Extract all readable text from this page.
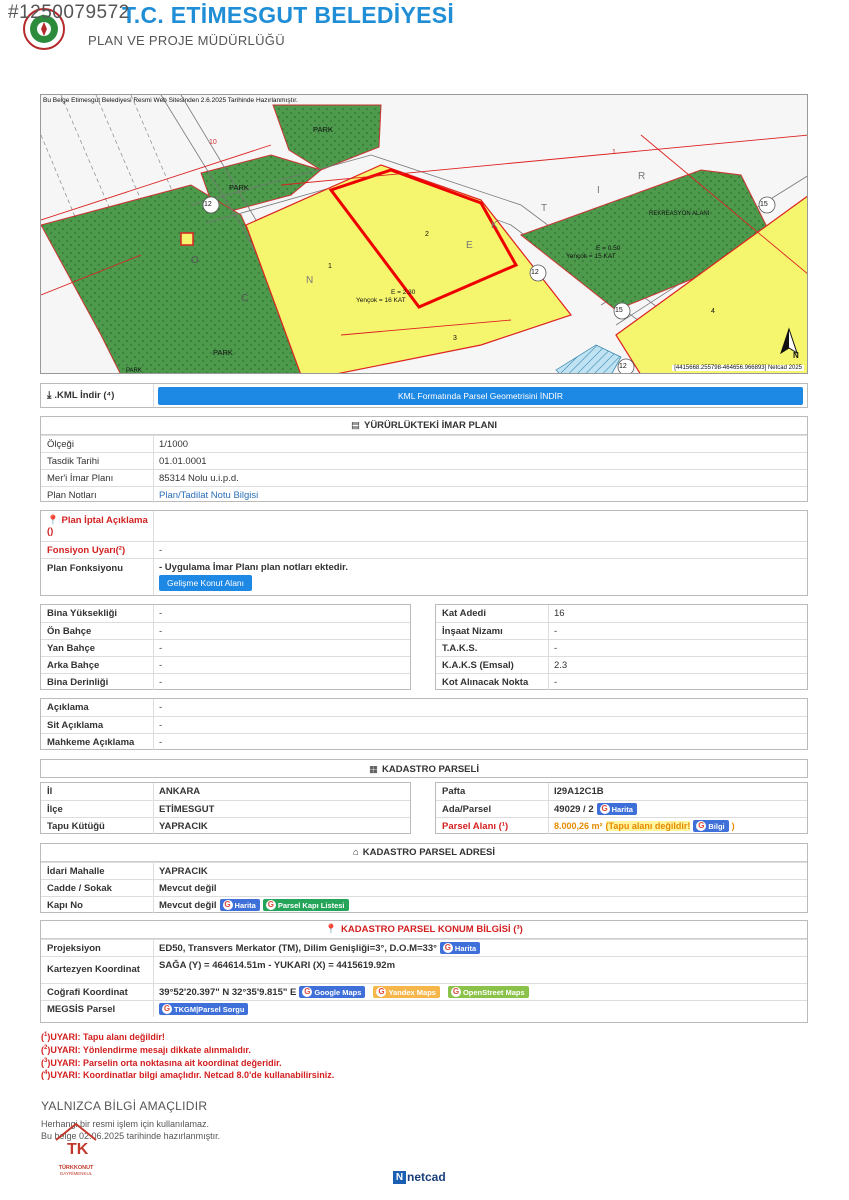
#1250079572
T.C. ETİMESGUT BELEDİYESİ
PLAN VE PROJE MÜDÜRLÜĞÜ
Bu Belge Etimesgut Belediyesi Resmi Web Sitesinden 2.6.2025 Tarihinde Hazırlanmıştır.
PARK
PARK
PARK
PARK
REKREASYON ALANI
E = 0.50
Yençok = 15 KAT
E = 2.30
Yençok = 16 KAT
10
1
1
2
3
4
12
12
15
15
12
N
E
K
T
I
R
O
C
N
[4415668.255798-464656.966893] Netcad 2025
⤓ .KML İndir (⁴)	KML Formatında Parsel Geometrisini İNDİR
▤ YÜRÜRLÜKTEKİ İMAR PLANI
Ölçeği	1/1000
Tasdik Tarihi	01.01.0001
Mer'i İmar Planı	85314 Nolu u.i.p.d.
Plan Notları	Plan/Tadilat Notu Bilgisi
📍 Plan İptal Açıklama ()
Fonsiyon Uyarı(²)	-
Plan Fonksiyonu	- Uygulama İmar Planı plan notları ektedir.
Gelişme Konut Alanı
Bina Yüksekliği	-
Ön Bahçe	-
Yan Bahçe	-
Arka Bahçe	-
Bina Derinliği	-
Kat Adedi	16
İnşaat Nizamı	-
T.A.K.S.	-
K.A.K.S (Emsal)	2.3
Kot Alınacak Nokta	-
Açıklama	-
Sit Açıklama	-
Mahkeme Açıklama	-
▦ KADASTRO PARSELİ
İl	ANKARA
İlçe	ETİMESGUT
Tapu Kütüğü	YAPRACIK
Pafta	I29A12C1B
Ada/Parsel	49029 / 2 G Harita
Parsel Alanı (¹)	8.000,26 m² (Tapu alanı değildir! G Bilgi )
⌂ KADASTRO PARSEL ADRESİ
İdari Mahalle	YAPRACIK
Cadde / Sokak	Mevcut değil
Kapı No	Mevcut değil G Harita G Parsel Kapı Listesi
📍 KADASTRO PARSEL KONUM BİLGİSİ (³)
Projeksiyon	ED50, Transvers Merkator (TM), Dilim Genişliği=3°, D.O.M=33° G Harita
Kartezyen Koordinat	SAĞA (Y) = 464614.51m - YUKARI (X) = 4415619.92m
Coğrafi Koordinat	39°52'20.397" N 32°35'9.815" E G Google Maps G Yandex Maps G OpenStreet Maps
MEGSİS Parsel	G TKGM|Parsel Sorgu
($^1$)UYARI: Tapu alanı değildir!
($^2$)UYARI: Yönlendirme mesajı dikkate alınmalıdır.
($^3$)UYARI: Parselin orta noktasına ait koordinat değeridir.
($^4$)UYARI: Koordinatlar bilgi amaçlıdır. Netcad 8.0'de kullanabilirsiniz.
YALNIZCA BİLGİ AMAÇLIDIR
Herhangi bir resmi işlem için kullanılamaz.
Bu belge 02.06.2025 tarihinde hazırlanmıştır.
TK
TÜRKKONUT
GAYRİMENKUL	N netcad
